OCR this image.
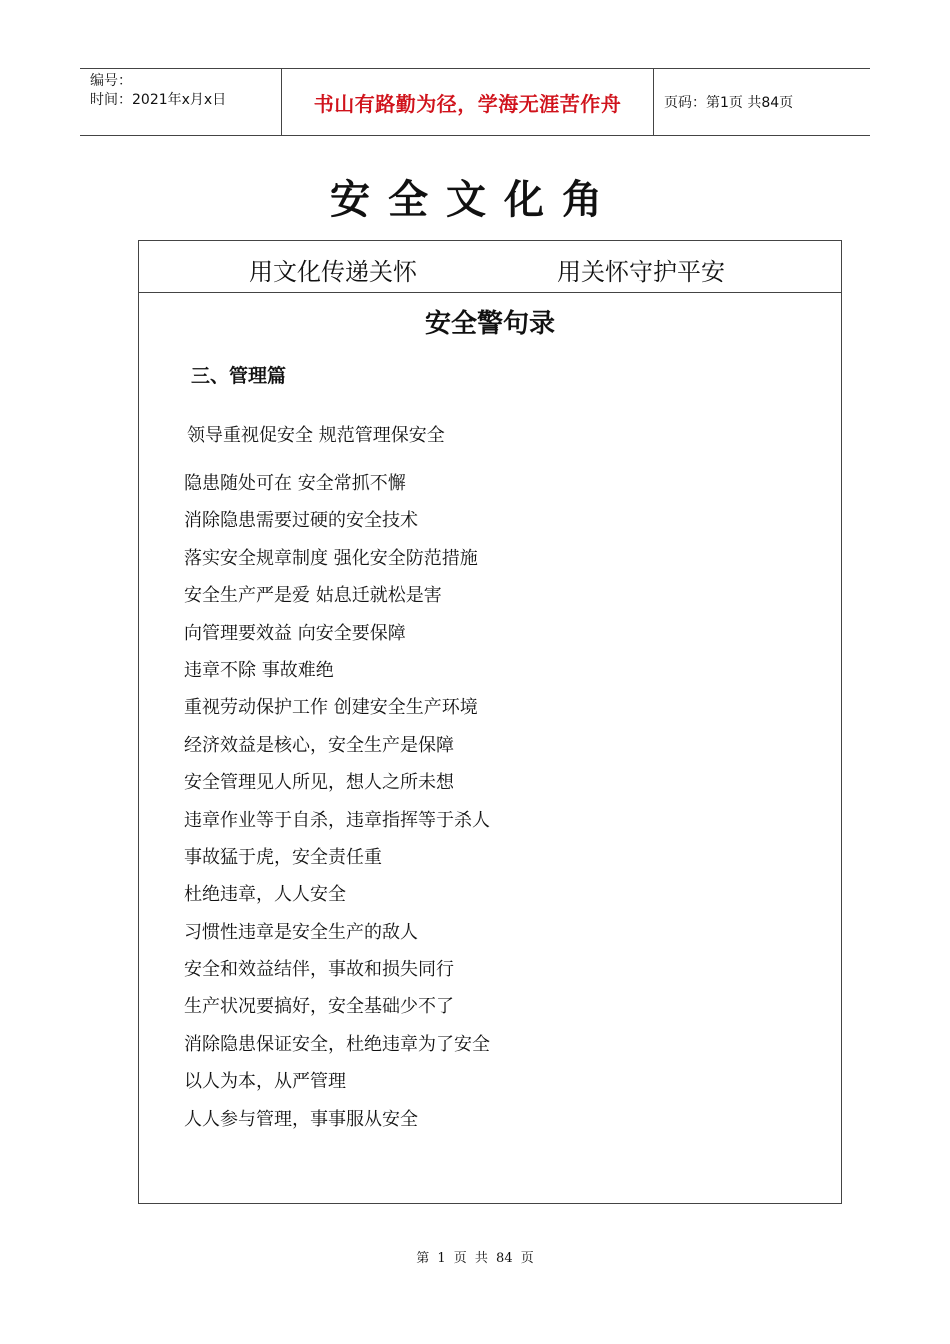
编号：
时间：2021年x月x日	书山有路勤为径，学海无涯苦作舟	页码：第1页 共84页
安全文化角
用文化传递关怀	用关怀守护平安
安全警句录
三、管理篇
领导重视促安全 规范管理保安全
隐患随处可在 安全常抓不懈
消除隐患需要过硬的安全技术
落实安全规章制度 强化安全防范措施
安全生产严是爱 姑息迁就松是害
向管理要效益 向安全要保障
违章不除 事故难绝
重视劳动保护工作 创建安全生产环境
经济效益是核心，安全生产是保障
安全管理见人所见，想人之所未想
违章作业等于自杀，违章指挥等于杀人
事故猛于虎，安全责任重
杜绝违章，人人安全
习惯性违章是安全生产的敌人
安全和效益结伴，事故和损失同行
生产状况要搞好，安全基础少不了
消除隐患保证安全，杜绝违章为了安全
以人为本，从严管理
人人参与管理，事事服从安全
第 1 页 共 84 页
